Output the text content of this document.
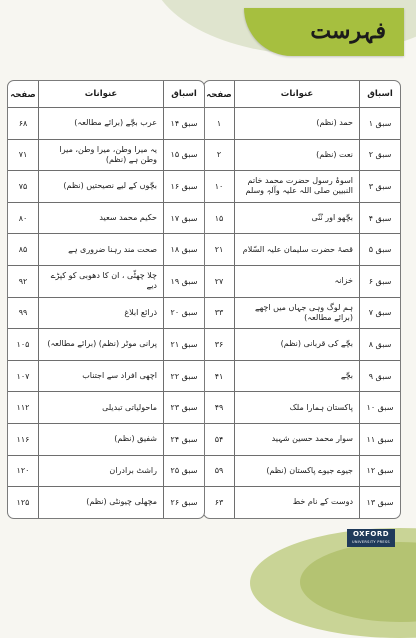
فہرست
اسباق
عنوانات
صفحہ
سبق ۱
حمد (نظم)
۱
سبق ۲
نعت (نظم)
۲
سبق ۳
اسوۂ رسول حضرت محمد خاتم النبیین صلی اللہ علیہ وآلہٖ وسلم
۱۰
سبق ۴
بچّھو اور نُنّی
۱۵
سبق ۵
قصۂ حضرت سلیمان علیہ السّلام
۲۱
سبق ۶
خزانہ
۲۷
سبق ۷
ہم لوگ وہی جہاں میں اچھے (برائے مطالعہ)
۳۳
سبق ۸
بچّے کی قربانی (نظم)
۳۶
سبق ۹
بچّے
۴۱
سبق ۱۰
پاکستان ہمارا ملک
۴۹
سبق ۱۱
سوار محمد حسین شہید
۵۴
سبق ۱۲
جیوے جیوے پاکستان (نظم)
۵۹
سبق ۱۳
دوست کے نام خط
۶۳
اسباق
عنوانات
صفحہ
سبق ۱۴
عرب بچّے (برائے مطالعہ)
۶۸
سبق ۱۵
یہ میرا وطن، میرا وطن، میرا وطن ہے (نظم)
۷۱
سبق ۱۶
بچّوں کے لیے نصیحتیں (نظم)
۷۵
سبق ۱۷
حکیم محمد سعید
۸۰
سبق ۱۸
صحت مند رہنا ضروری ہے
۸۵
سبق ۱۹
چلا چھٹّی ، ان کا دھوبی کو کپڑے دیے
۹۲
سبق ۲۰
ذرائع ابلاغ
۹۹
سبق ۲۱
پرانی موٹر (نظم) (برائے مطالعہ)
۱۰۵
سبق ۲۲
اچھی افراد سے اجتناب
۱۰۷
سبق ۲۳
ماحولیاتی تبدیلی
۱۱۲
سبق ۲۴
شفیق (نظم)
۱۱۶
سبق ۲۵
راشٹ برادران
۱۲۰
سبق ۲۶
مچھلی چیونٹی (نظم)
۱۲۵
OXFORD
UNIVERSITY PRESS
